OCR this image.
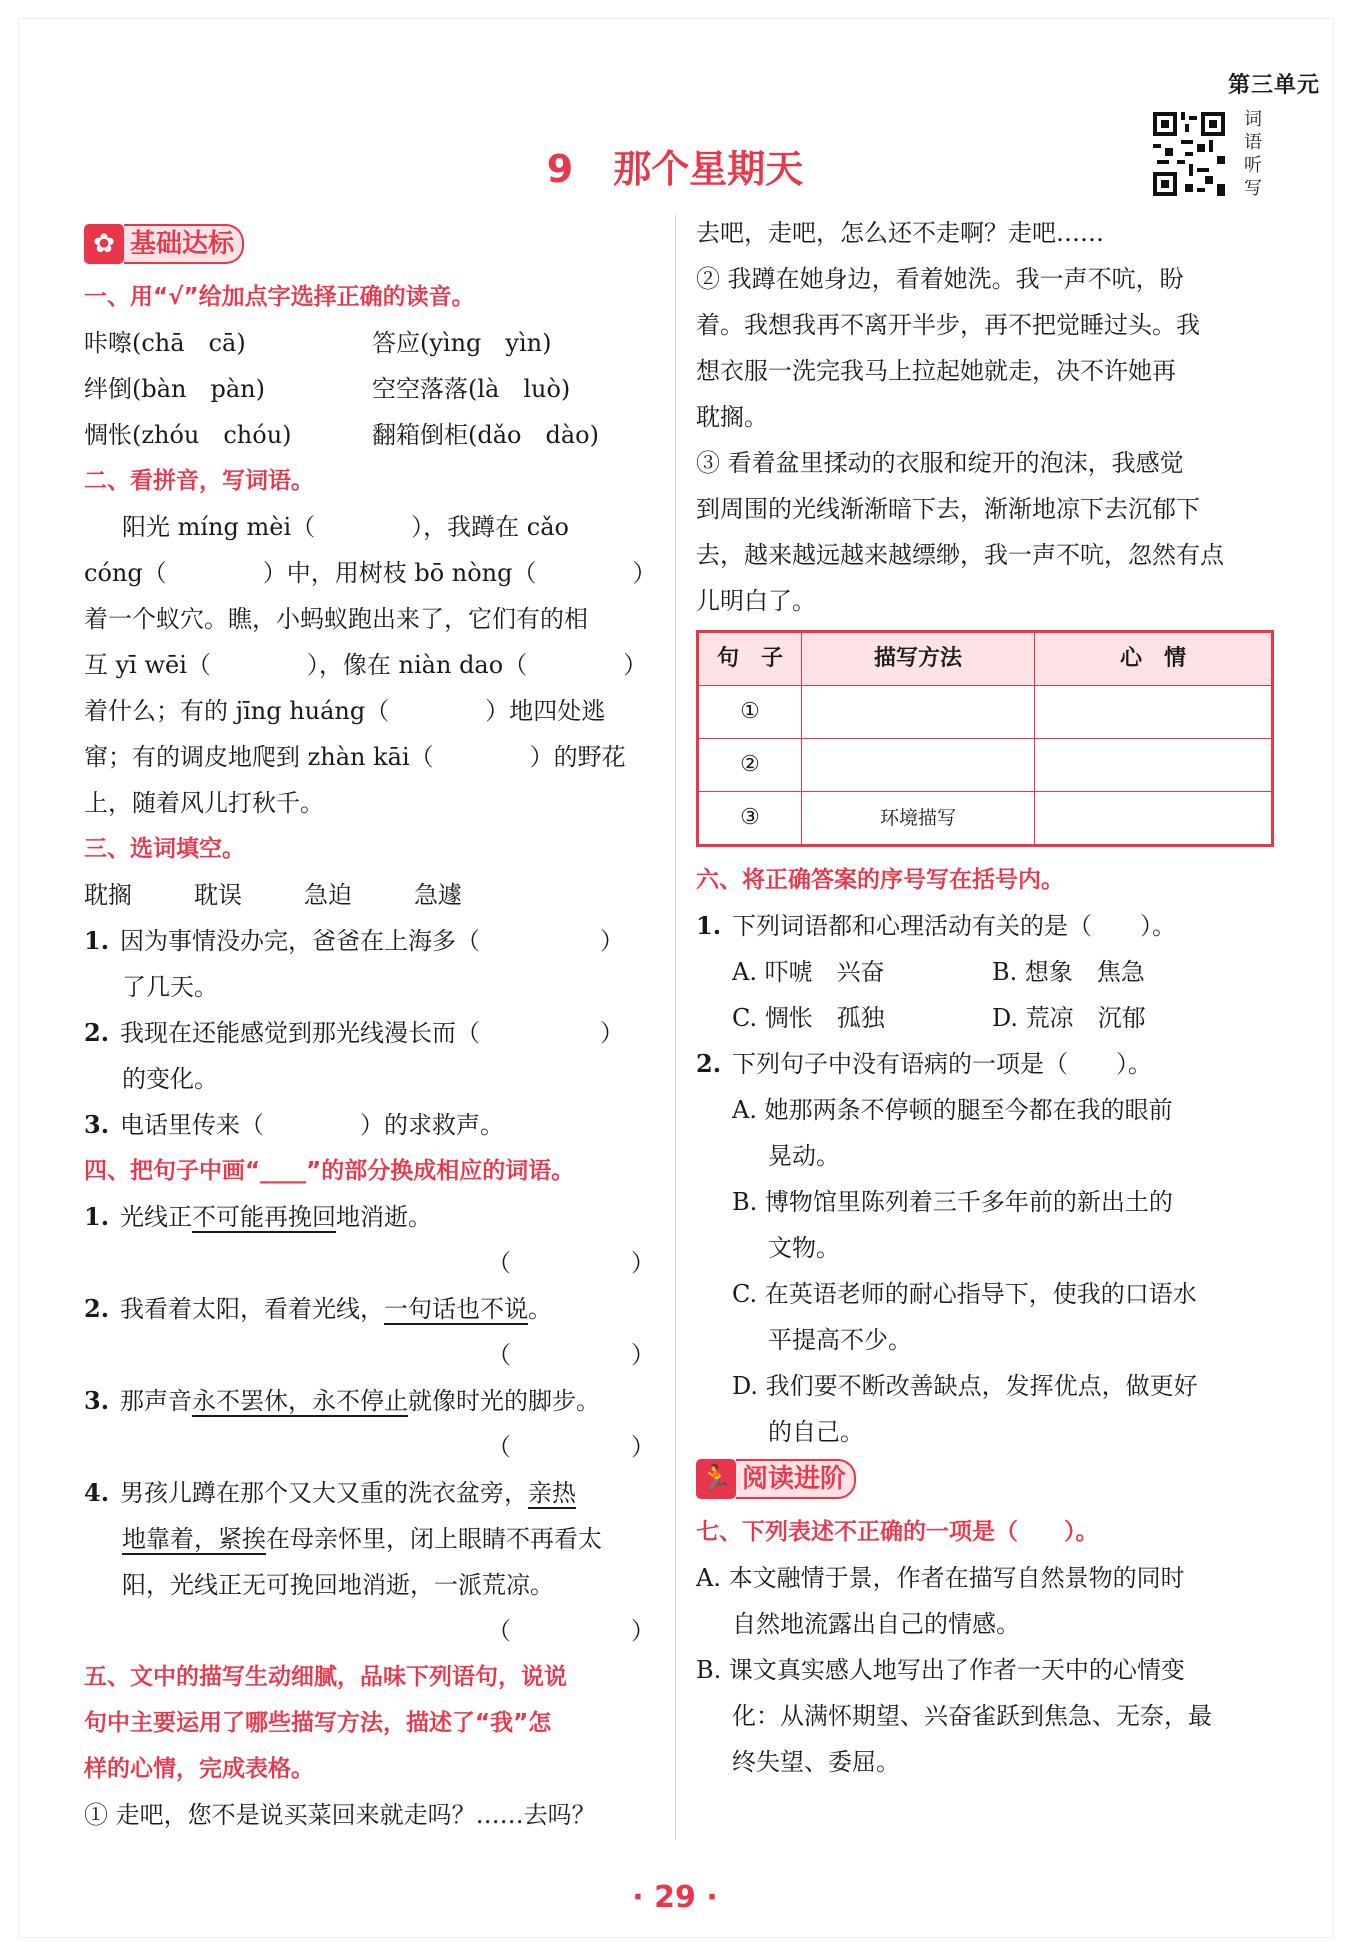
第三单元
词语听写
9 那个星期天
✿ 基础达标
一、用“√”给加点字选择正确的读音。
咔嚓(chā　cā)	答应(yìng　yìn)
绊倒(bàn　pàn)	空空落落(là　luò)
惆怅(zhóu　chóu)	翻箱倒柜(dǎo　dào)
二、看拼音，写词语。
阳光 míng mèi（　　　　），我蹲在 cǎo
cóng（　　　　）中，用树枝 bō nòng（　　　　）
着一个蚁穴。瞧，小蚂蚁跑出来了，它们有的相
互 yī wēi（　　　　），像在 niàn dao（　　　　）
着什么；有的 jīng huáng（　　　　）地四处逃
窜；有的调皮地爬到 zhàn kāi（　　　　）的野花
上，随着风儿打秋千。
三、选词填空。
耽搁	耽误	急迫	急遽
1. 因为事情没办完，爸爸在上海多（　　　　　）
了几天。
2. 我现在还能感觉到那光线漫长而（　　　　　）
的变化。
3. 电话里传来（　　　　）的求救声。
四、把句子中画“____”的部分换成相应的词语。
1. 光线正不可能再挽回地消逝。
（　　　　　）
2. 我看着太阳，看着光线，一句话也不说。
（　　　　　）
3. 那声音永不罢休，永不停止就像时光的脚步。
（　　　　　）
4. 男孩儿蹲在那个又大又重的洗衣盆旁，亲热
地靠着，紧挨在母亲怀里，闭上眼睛不再看太
阳，光线正无可挽回地消逝，一派荒凉。
（　　　　　）
五、文中的描写生动细腻，品味下列语句，说说
句中主要运用了哪些描写方法，描述了“我”怎
样的心情，完成表格。
① 走吧，您不是说买菜回来就走吗？……去吗？
去吧，走吧，怎么还不走啊？走吧……
② 我蹲在她身边，看着她洗。我一声不吭，盼
着。我想我再不离开半步，再不把觉睡过头。我
想衣服一洗完我马上拉起她就走，决不许她再
耽搁。
③ 看着盆里揉动的衣服和绽开的泡沫，我感觉
到周围的光线渐渐暗下去，渐渐地凉下去沉郁下
去，越来越远越来越缥缈，我一声不吭，忽然有点
儿明白了。
句　子	描写方法	心　情
①		
②		
③	环境描写	
六、将正确答案的序号写在括号内。
1. 下列词语都和心理活动有关的是（　　）。
A. 吓唬　兴奋	B. 想象　焦急
C. 惆怅　孤独	D. 荒凉　沉郁
2. 下列句子中没有语病的一项是（　　）。
A. 她那两条不停顿的腿至今都在我的眼前
晃动。
B. 博物馆里陈列着三千多年前的新出土的
文物。
C. 在英语老师的耐心指导下，使我的口语水
平提高不少。
D. 我们要不断改善缺点，发挥优点，做更好
的自己。
🏃 阅读进阶
七、下列表述不正确的一项是（　　）。
A. 本文融情于景，作者在描写自然景物的同时
自然地流露出自己的情感。
B. 课文真实感人地写出了作者一天中的心情变
化：从满怀期望、兴奋雀跃到焦急、无奈，最
终失望、委屈。
· 29 ·
